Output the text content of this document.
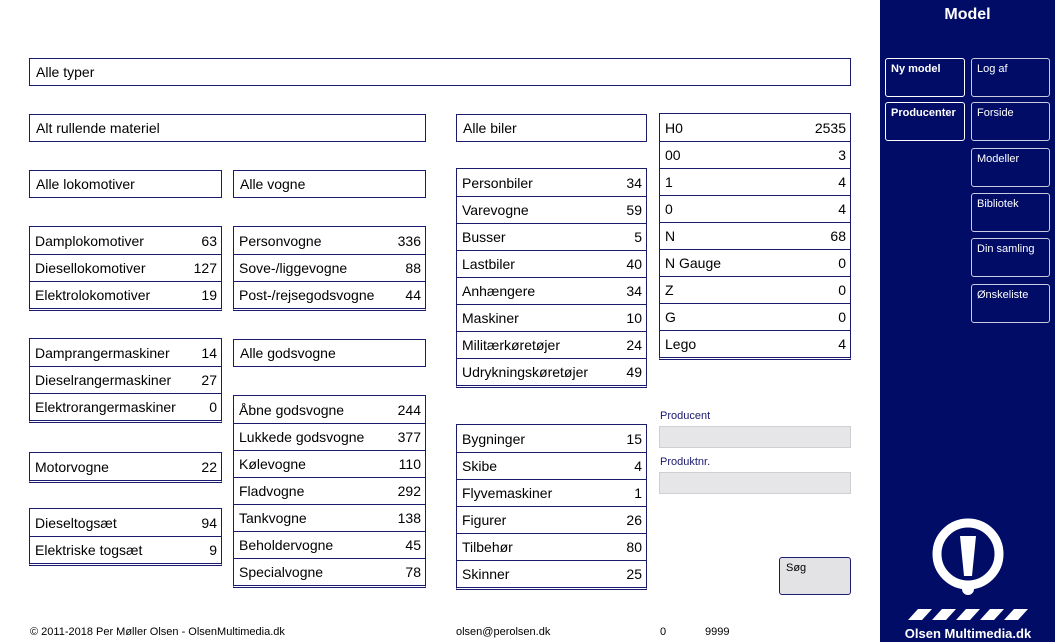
Alle typer
Alt rullende materiel
Alle lokomotiver	Alle vogne
Alle godsvogne
Alle biler
Damplokomotiver	63
Diesellokomotiver	127
Elektrolokomotiver	19
Damprangermaskiner 14
Dieselrangermaskiner 27
Elektrorangermaskiner 0
Motorvogne	22
Dieseltogsæt	94
Elektriske togsæt	9
Personvogne	336
Sove-/liggevogne	88
Post-/rejsegodsvogne 44
Åbne godsvogne	244
Lukkede godsvogne 377
Kølevogne	110
Fladvogne	292
Tankvogne	138
Beholdervogne	45
Specialvogne	78
Personbiler	34
Varevogne	59
Busser	5
Lastbiler	40
Anhængere	34
Maskiner	10
Militærkøretøjer	24
Udrykningskøretøjer	49
Bygninger	15
Skibe	4
Flyvemaskiner	1
Figurer	26
Tilbehør	80
Skinner	25
H0	2535
00	3
1	4
0	4
N	68
N Gauge	0
Z	0
G	0
Lego	4
Producent
Produktnr.
Søg
© 2011-2018 Per Møller Olsen - OlsenMultimedia.dk	olsen@perolsen.dk	0	9999
Model
Ny model	Log af
Producenter	Forside
Modeller
Bibliotek
Din samling
Ønskeliste
Olsen Multimedia.dk
